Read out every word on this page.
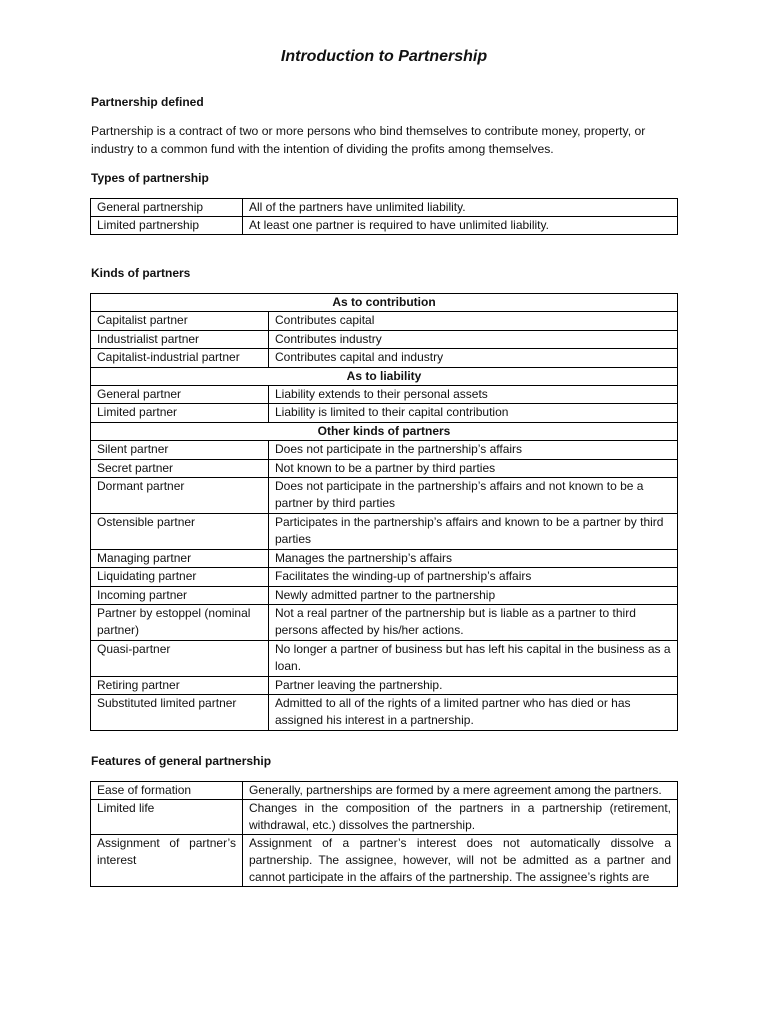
Introduction to Partnership
Partnership defined
Partnership is a contract of two or more persons who bind themselves to contribute money, property, or industry to a common fund with the intention of dividing the profits among themselves.
Types of partnership
General partnership	All of the partners have unlimited liability.
Limited partnership	At least one partner is required to have unlimited liability.
Kinds of partners
As to contribution	
Capitalist partner	Contributes capital
Industrialist partner	Contributes industry
Capitalist-industrial partner	Contributes capital and industry
As to liability	
General partner	Liability extends to their personal assets
Limited partner	Liability is limited to their capital contribution
Other kinds of partners	
Silent partner	Does not participate in the partnership’s affairs
Secret partner	Not known to be a partner by third parties
Dormant partner	Does not participate in the partnership’s affairs and not known to be a partner by third parties
Ostensible partner	Participates in the partnership’s affairs and known to be a partner by third parties
Managing partner	Manages the partnership’s affairs
Liquidating partner	Facilitates the winding-up of partnership’s affairs
Incoming partner	Newly admitted partner to the partnership
Partner by estoppel (nominal partner)	Not a real partner of the partnership but is liable as a partner to third persons affected by his/her actions.
Quasi-partner	No longer a partner of business but has left his capital in the business as a loan.
Retiring partner	Partner leaving the partnership.
Substituted limited partner	Admitted to all of the rights of a limited partner who has died or has assigned his interest in a partnership.
Features of general partnership
Ease of formation	Generally, partnerships are formed by a mere agreement among the partners.
Limited life	Changes in the composition of the partners in a partnership (retirement, withdrawal, etc.) dissolves the partnership.
Assignment of partner’s interest	Assignment of a partner’s interest does not automatically dissolve a partnership. The assignee, however, will not be admitted as a partner and cannot participate in the affairs of the partnership. The assignee’s rights are
